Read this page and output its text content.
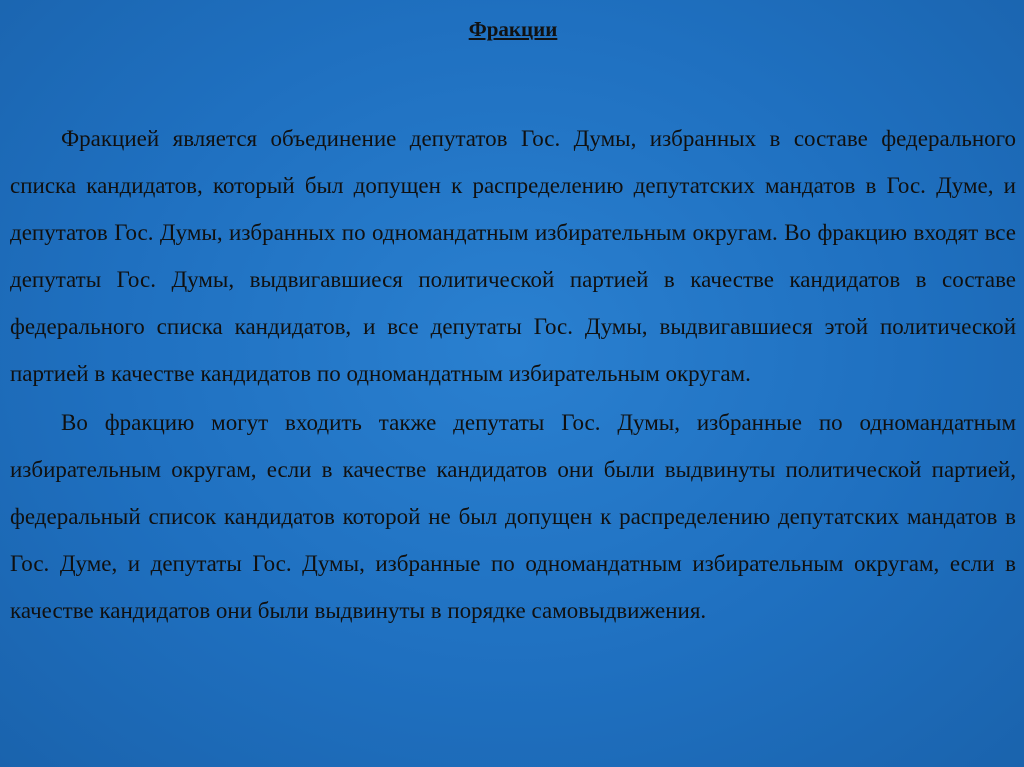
Фракции

Фракцией является объединение депутатов Гос. Думы, избранных в составе федерального списка кандидатов, который был допущен к распределению депутатских мандатов в Гос. Думе, и депутатов Гос. Думы, избранных по одномандатным избирательным округам. Во фракцию входят все депутаты Гос. Думы, выдвигавшиеся политической партией в качестве кандидатов в составе федерального списка кандидатов, и все депутаты Гос. Думы, выдвигавшиеся этой политической партией в качестве кандидатов по одномандатным избирательным округам.

Во фракцию могут входить также депутаты Гос. Думы, избранные по одномандатным избирательным округам, если в качестве кандидатов они были выдвинуты политической партией, федеральный список кандидатов которой не был допущен к распределению депутатских мандатов в Гос. Думе, и депутаты Гос. Думы, избранные по одномандатным избирательным округам, если в качестве кандидатов они были выдвинуты в порядке самовыдвижения.
